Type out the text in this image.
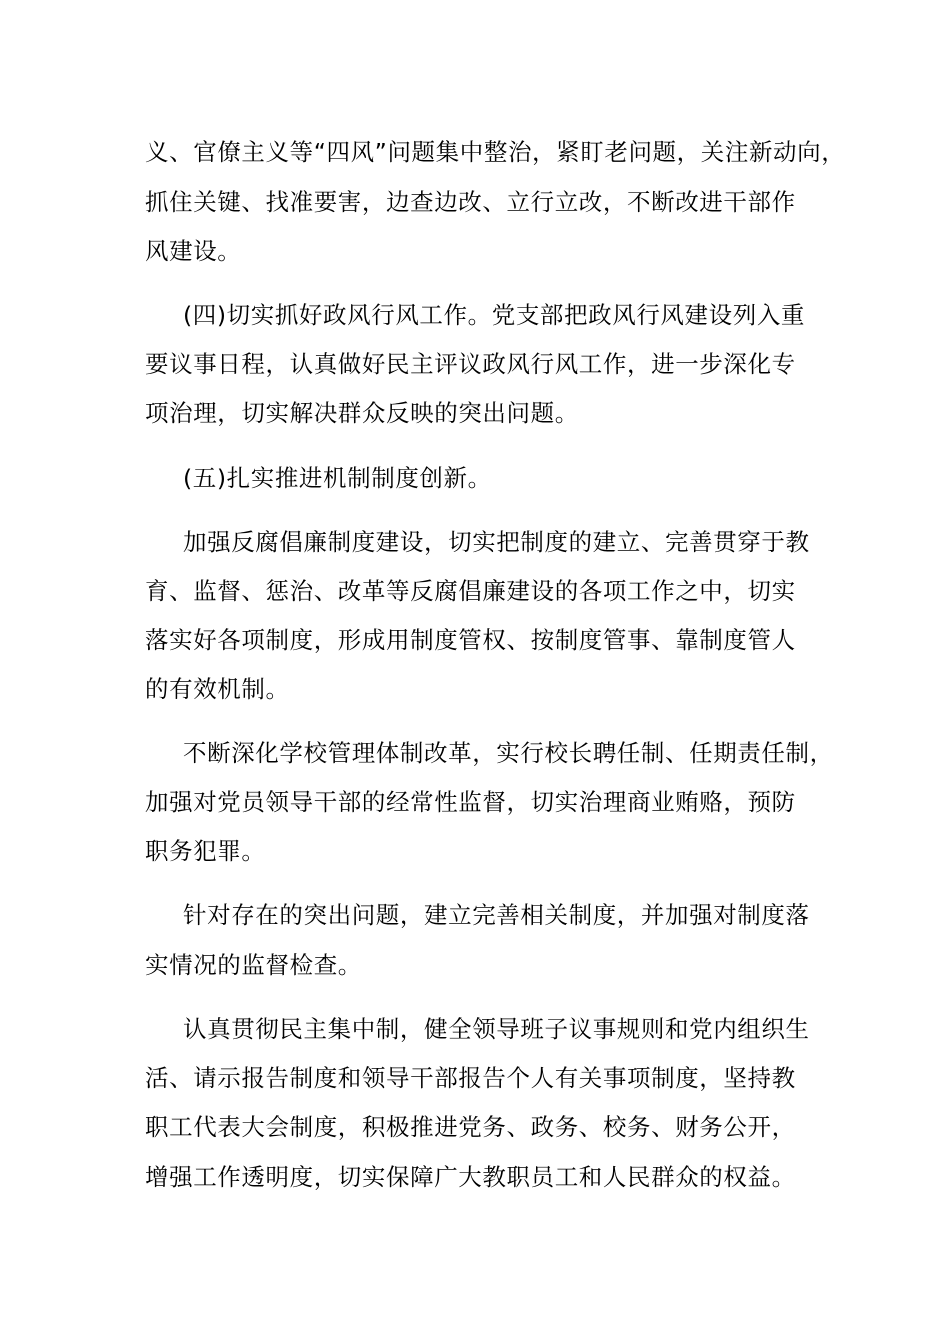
义、官僚主义等“四风”问题集中整治，紧盯老问题，关注新动向，
抓住关键、找准要害，边查边改、立行立改，不断改进干部作
风建设。
(四)切实抓好政风行风工作。党支部把政风行风建设列入重
要议事日程，认真做好民主评议政风行风工作，进一步深化专
项治理，切实解决群众反映的突出问题。
(五)扎实推进机制制度创新。
加强反腐倡廉制度建设，切实把制度的建立、完善贯穿于教
育、监督、惩治、改革等反腐倡廉建设的各项工作之中，切实
落实好各项制度，形成用制度管权、按制度管事、靠制度管人
的有效机制。
不断深化学校管理体制改革，实行校长聘任制、任期责任制，
加强对党员领导干部的经常性监督，切实治理商业贿赂，预防
职务犯罪。
针对存在的突出问题，建立完善相关制度，并加强对制度落
实情况的监督检查。
认真贯彻民主集中制，健全领导班子议事规则和党内组织生
活、请示报告制度和领导干部报告个人有关事项制度，坚持教
职工代表大会制度，积极推进党务、政务、校务、财务公开，
增强工作透明度，切实保障广大教职员工和人民群众的权益。
